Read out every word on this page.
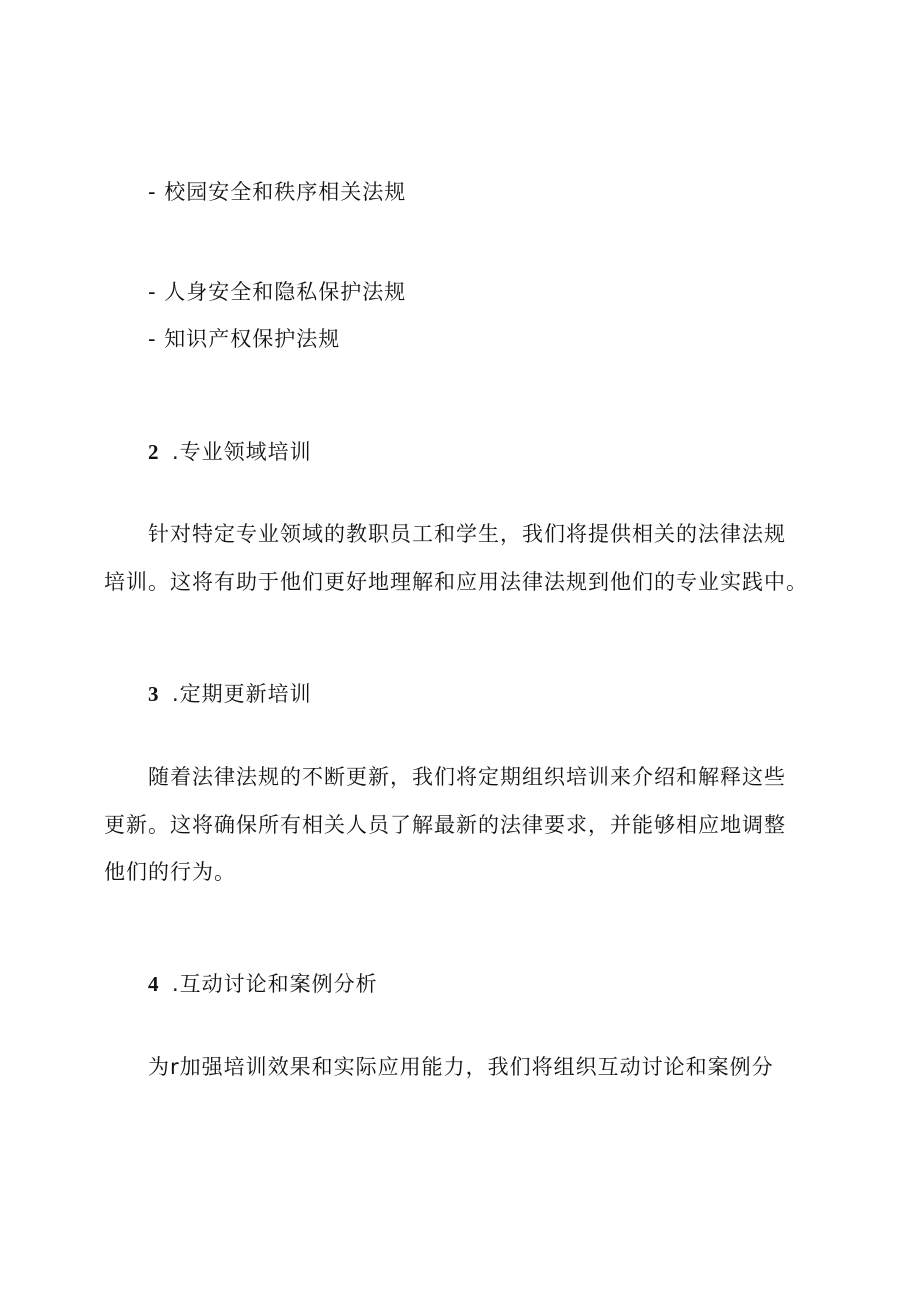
- 校园安全和秩序相关法规
- 人身安全和隐私保护法规
- 知识产权保护法规
2 .专业领域培训
针对特定专业领域的教职员工和学生，我们将提供相关的法律法规
培训。这将有助于他们更好地理解和应用法律法规到他们的专业实践中。
3 .定期更新培训
随着法律法规的不断更新，我们将定期组织培训来介绍和解释这些
更新。这将确保所有相关人员了解最新的法律要求，并能够相应地调整
他们的行为。
4 .互动讨论和案例分析
为r加强培训效果和实际应用能力，我们将组织互动讨论和案例分
